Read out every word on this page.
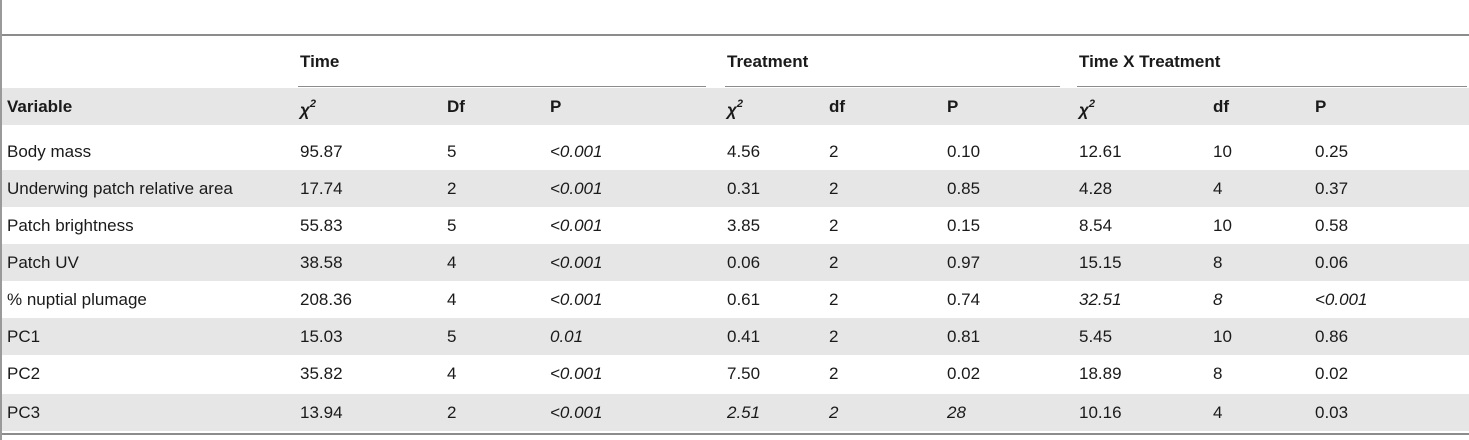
Time	Treatment	Time X Treatment
Variable	$\chi^2$	Df	P	$\chi^2$	df	P	$\chi^2$	df	P
Body mass	95.87	5	<0.001	4.56	2	0.10	12.61	10	0.25
Underwing patch relative area	17.74	2	<0.001	0.31	2	0.85	4.28	4	0.37
Patch brightness	55.83	5	<0.001	3.85	2	0.15	8.54	10	0.58
Patch UV	38.58	4	<0.001	0.06	2	0.97	15.15	8	0.06
% nuptial plumage	208.36	4	<0.001	0.61	2	0.74	32.51	8	<0.001
PC1	15.03	5	0.01	0.41	2	0.81	5.45	10	0.86
PC2	35.82	4	<0.001	7.50	2	0.02	18.89	8	0.02
PC3	13.94	2	<0.001	2.51	2	28	10.16	4	0.03
